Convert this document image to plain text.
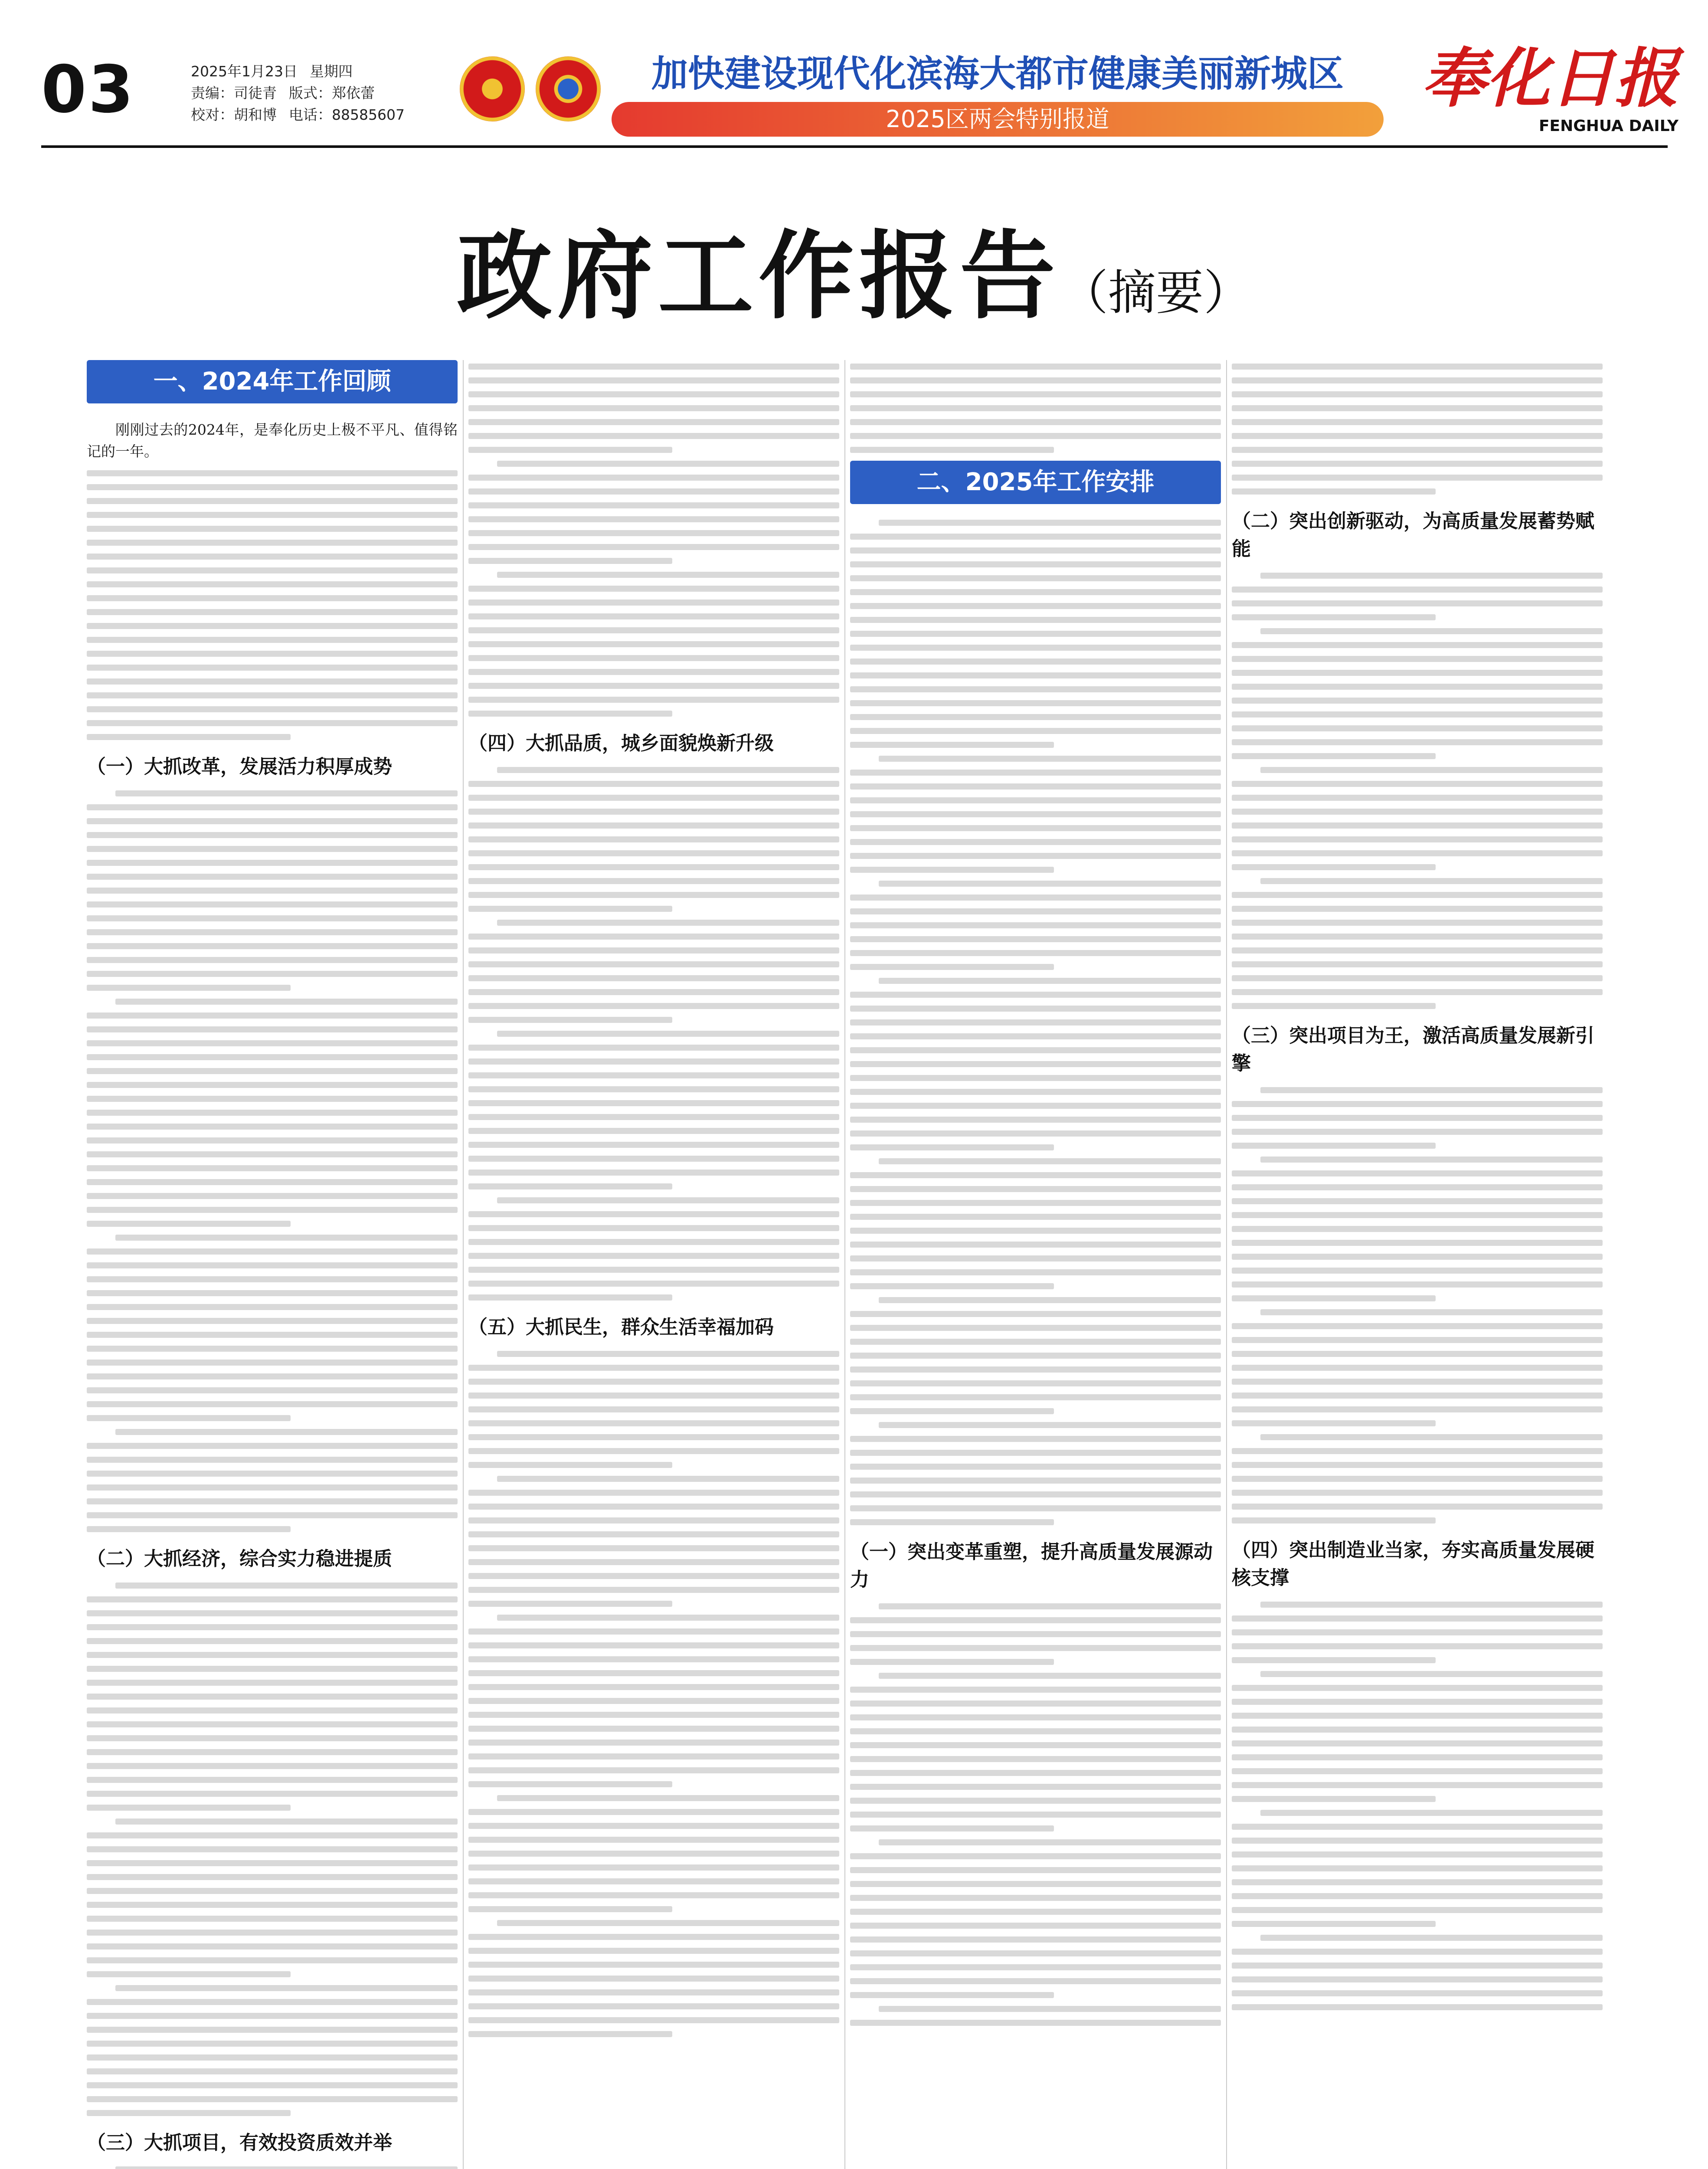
03	2025年1月23日 星期四
责编：司徒青 版式：郑依蕾
校对：胡和博 电话：88585607
加快建设现代化滨海大都市健康美丽新城区
2025区两会特别报道
奉化日报
FENGHUA DAILY
政府工作报告（摘要）
一、2024年工作回顾

刚刚过去的2024年，是奉化历史上极不平凡、值得铭记的一年。

（一）大抓改革，发展活力积厚成势
（二）大抓经济，综合实力稳进提质
（三）大抓项目，有效投资质效并举
（四）大抓品质，城乡面貌焕新升级
（五）大抓民生，群众生活幸福加码
二、2025年工作安排
（一）突出变革重塑，提升高质量发展源动力
（二）突出创新驱动，为高质量发展蓄势赋能
（三）突出项目为王，激活高质量发展新引擎
（四）突出制造业当家，夯实高质量发展硬核支撑
